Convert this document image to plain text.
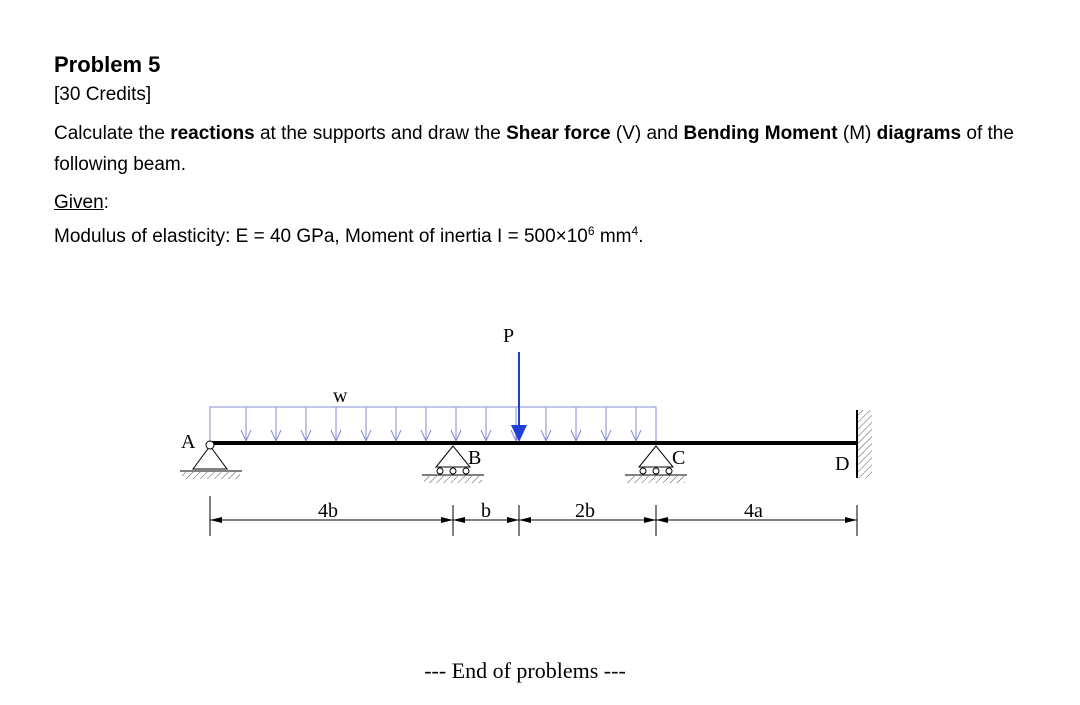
Problem 5
[30 Credits]
Calculate the reactions at the supports and draw the Shear force (V) and Bending Moment (M) diagrams of the following beam.
Given:
Modulus of elasticity: E = 40 GPa, Moment of inertia $I = 500\times 10^6$ $mm^4$.
P
w
A
B	C	D
4b	b	2b	4a
--- End of problems ---
